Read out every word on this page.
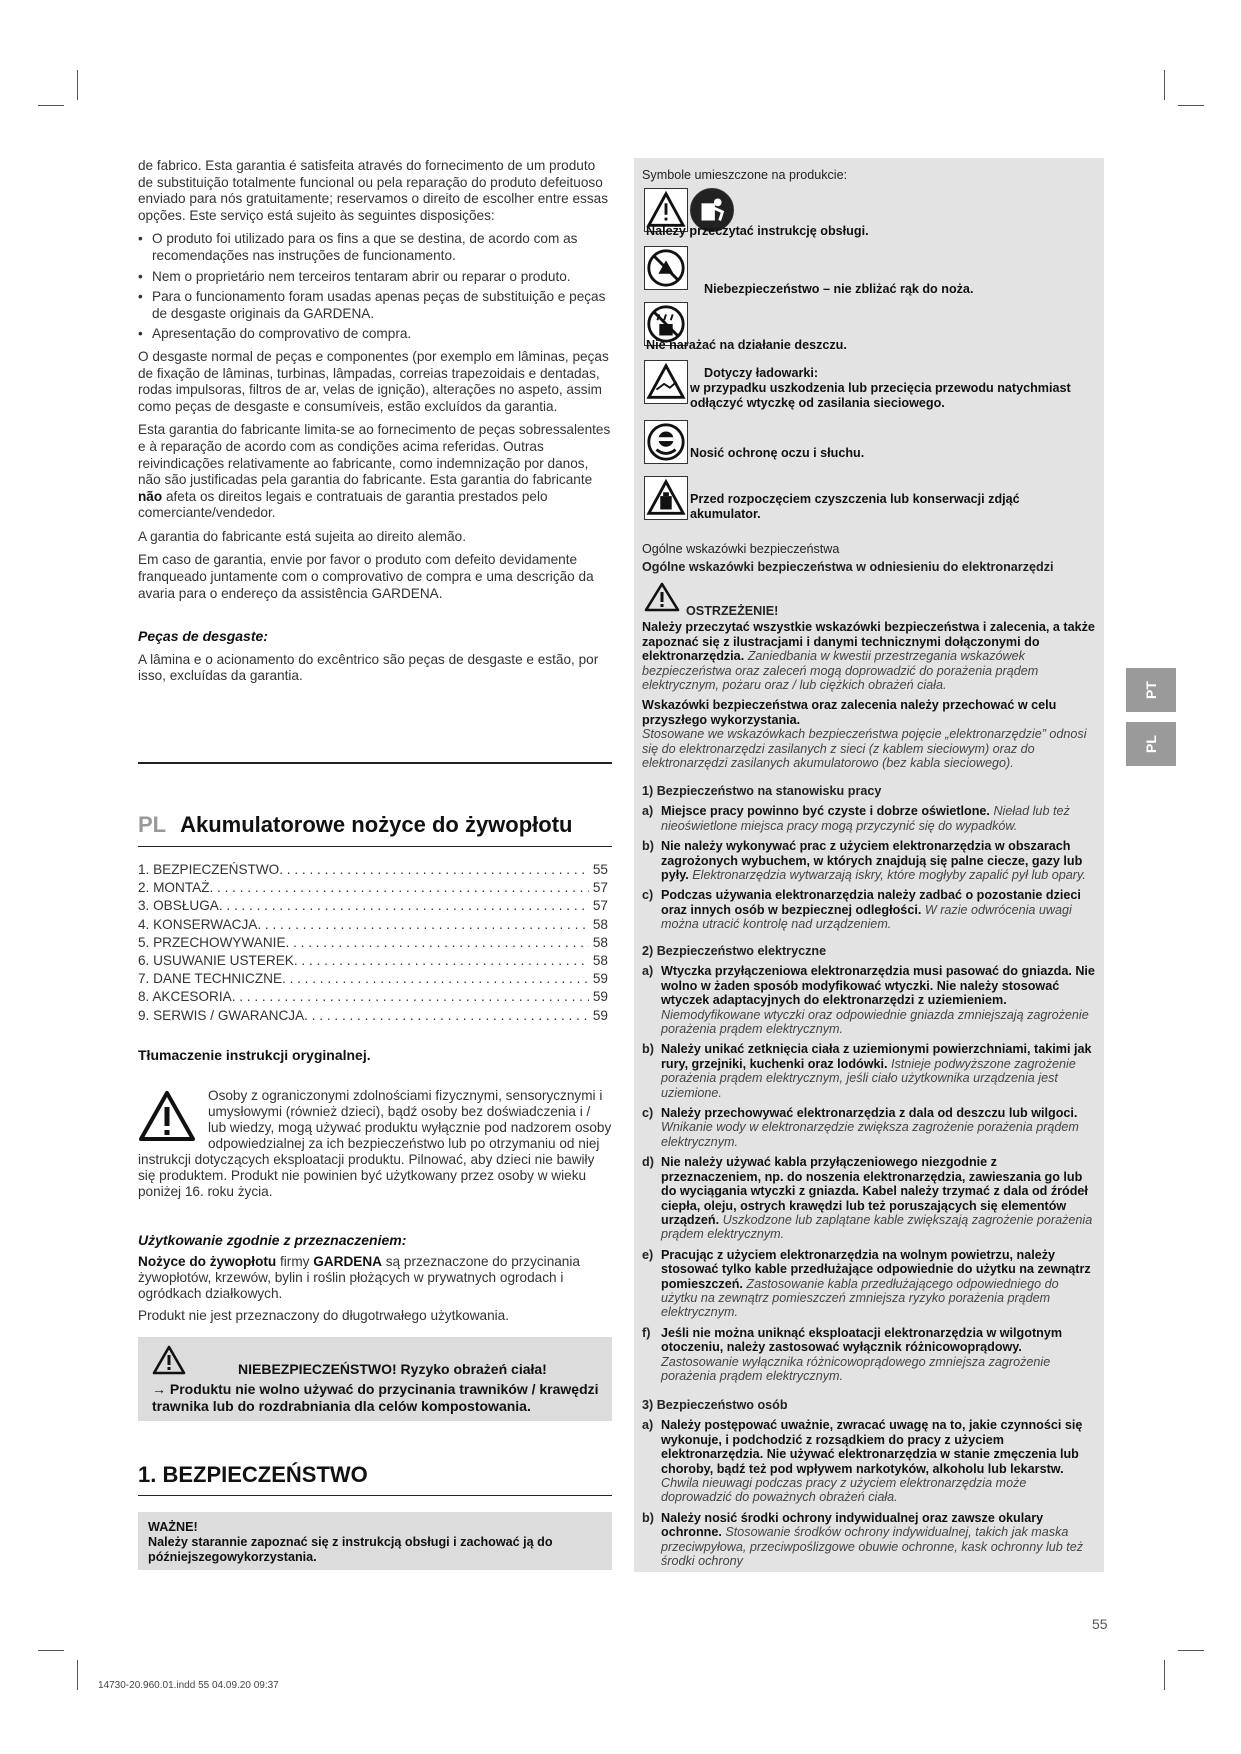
de fabrico. Esta garantia é satisfeita através do fornecimento de um produto de substituição totalmente funcional ou pela reparação do produto defeituoso enviado para nós gratuitamente; reservamos o direito de escolher entre essas opções. Este serviço está sujeito às seguintes disposições:

• O produto foi utilizado para os fins a que se destina, de acordo com as recomendações nas instruções de funcionamento.
• Nem o proprietário nem terceiros tentaram abrir ou reparar o produto.
• Para o funcionamento foram usadas apenas peças de substituição e peças de desgaste originais da GARDENA.
• Apresentação do comprovativo de compra.

O desgaste normal de peças e componentes (por exemplo em lâminas, peças de fixação de lâminas, turbinas, lâmpadas, correias trapezoidais e dentadas, rodas impulsoras, filtros de ar, velas de ignição), alterações no aspeto, assim como peças de desgaste e consumíveis, estão excluídos da garantia.

Esta garantia do fabricante limita-se ao fornecimento de peças sobressalentes e à reparação de acordo com as condições acima referidas. Outras reivindicações relativamente ao fabricante, como indemnização por danos, não são justificadas pela garantia do fabricante. Esta garantia do fabricante não afeta os direitos legais e contratuais de garantia prestados pelo comerciante/vendedor.

A garantia do fabricante está sujeita ao direito alemão.

Em caso de garantia, envie por favor o produto com defeito devidamente franqueado juntamente com o comprovativo de compra e uma descrição da avaria para o endereço da assistência GARDENA.

Peças de desgaste:

A lâmina e o acionamento do excêntrico são peças de desgaste e estão, por isso, excluídas da garantia.

PL Akumulatorowe nożyce do żywopłotu
1. BEZPIECZEŃSTWO . . .	55
2. MONTAŻ . . .	57
3. OBSŁUGA . . .	57
4. KONSERWACJA . . .	58
5. PRZECHOWYWANIE . . .	58
6. USUWANIE USTEREK . . .	58
7. DANE TECHNICZNE . . .	59
8. AKCESORIA . . .	59
9. SERWIS / GWARANCJA . . .	59
Tłumaczenie instrukcji oryginalnej.
Osoby z ograniczonymi zdolnościami fizycznymi, sensorycznymi i umysłowymi (również dzieci), bądź osoby bez doświadczenia i / lub wiedzy, mogą używać produktu wyłącznie pod nadzorem osoby odpowiedzialnej za ich bezpieczeństwo lub po otrzymaniu od niej instrukcji dotyczących eksploatacji produktu. Pilnować, aby dzieci nie bawiły się produktem. Produkt nie powinien być użytkowany przez osoby w wieku poniżej 16. roku życia.

Użytkowanie zgodnie z przeznaczeniem:

Nożyce do żywopłotu firmy GARDENA są przeznaczone do przycinania żywopłotów, krzewów, bylin i roślin płożących w prywatnych ogrodach i ogródkach działkowych.

Produkt nie jest przeznaczony do długotrwałego użytkowania.

NIEBEZPIECZEŃSTWO! Ryzyko obrażeń ciała!
→ Produktu nie wolno używać do przycinania trawników / krawędzi trawnika lub do rozdrabniania dla celów kompostowania.
1. BEZPIECZEŃSTWO
WAŻNE!
Należy starannie zapoznać się z instrukcją obsługi i zachować ją do późniejszegowykorzystania.
Symbole umieszczone na produkcie:
Należy przeczytać instrukcję obsługi.
Niebezpieczeństwo – nie zbliżać rąk do noża.
Nie narażać na działanie deszczu.
Dotyczy ładowarki:
w przypadku uszkodzenia lub przecięcia przewodu natychmiast odłączyć wtyczkę od zasilania sieciowego.
Nosić ochronę oczu i słuchu.
Przed rozpoczęciem czyszczenia lub konserwacji zdjąć akumulator.
Ogólne wskazówki bezpieczeństwa
Ogólne wskazówki bezpieczeństwa w odniesieniu do elektronarzędzi
OSTRZEŻENIE!
Należy przeczytać wszystkie wskazówki bezpieczeństwa i zalecenia, a także zapoznać się z ilustracjami i danymi technicznymi dołączonymi do elektronarzędzia. Zaniedbania w kwestii przestrzegania wskazówek bezpieczeństwa oraz zaleceń mogą doprowadzić do porażenia prądem elektrycznym, pożaru oraz / lub ciężkich obrażeń ciała.
Wskazówki bezpieczeństwa oraz zalecenia należy przechować w celu przyszłego wykorzystania.
Stosowane we wskazówkach bezpieczeństwa pojęcie „elektronarzędzie” odnosi się do elektronarzędzi zasilanych z sieci (z kablem sieciowym) oraz do elektronarzędzi zasilanych akumulatorowo (bez kabla sieciowego).
1) Bezpieczeństwo na stanowisku pracy
a) Miejsce pracy powinno być czyste i dobrze oświetlone. Nieład lub też nieoświetlone miejsca pracy mogą przyczynić się do wypadków.
b) Nie należy wykonywać prac z użyciem elektronarzędzia w obszarach zagrożonych wybuchem, w których znajdują się palne ciecze, gazy lub pyły. Elektronarzędzia wytwarzają iskry, które mogłyby zapalić pył lub opary.
c) Podczas używania elektronarzędzia należy zadbać o pozostanie dzieci oraz innych osób w bezpiecznej odległości. W razie odwrócenia uwagi można utracić kontrolę nad urządzeniem.
2) Bezpieczeństwo elektryczne
a) Wtyczka przyłączeniowa elektronarzędzia musi pasować do gniazda. Nie wolno w żaden sposób modyfikować wtyczki. Nie należy stosować wtyczek adaptacyjnych do elektronarzędzi z uziemieniem. Niemodyfikowane wtyczki oraz odpowiednie gniazda zmniejszają zagrożenie porażenia prądem elektrycznym.
b) Należy unikać zetknięcia ciała z uziemionymi powierzchniami, takimi jak rury, grzejniki, kuchenki oraz lodówki. Istnieje podwyższone zagrożenie porażenia prądem elektrycznym, jeśli ciało użytkownika urządzenia jest uziemione.
c) Należy przechowywać elektronarzędzia z dala od deszczu lub wilgoci. Wnikanie wody w elektronarzędzie zwiększa zagrożenie porażenia prądem elektrycznym.
d) Nie należy używać kabla przyłączeniowego niezgodnie z przeznaczeniem, np. do noszenia elektronarzędzia, zawieszania go lub do wyciągania wtyczki z gniazda. Kabel należy trzymać z dala od źródeł ciepła, oleju, ostrych krawędzi lub też poruszających się elementów urządzeń. Uszkodzone lub zaplątane kable zwiększają zagrożenie porażenia prądem elektrycznym.
e) Pracując z użyciem elektronarzędzia na wolnym powietrzu, należy stosować tylko kable przedłużające odpowiednie do użytku na zewnątrz pomieszczeń. Zastosowanie kabla przedłużającego odpowiedniego do użytku na zewnątrz pomieszczeń zmniejsza ryzyko porażenia prądem elektrycznym.
f) Jeśli nie można uniknąć eksploatacji elektronarzędzia w wilgotnym otoczeniu, należy zastosować wyłącznik różnicowoprądowy. Zastosowanie wyłącznika różnicowoprądowego zmniejsza zagrożenie porażenia prądem elektrycznym.
3) Bezpieczeństwo osób
a) Należy postępować uważnie, zwracać uwagę na to, jakie czynności się wykonuje, i podchodzić z rozsądkiem do pracy z użyciem elektronarzędzia. Nie używać elektronarzędzia w stanie zmęczenia lub choroby, bądź też pod wpływem narkotyków, alkoholu lub lekarstw. Chwila nieuwagi podczas pracy z użyciem elektronarzędzia może doprowadzić do poważnych obrażeń ciała.
b) Należy nosić środki ochrony indywidualnej oraz zawsze okulary ochronne. Stosowanie środków ochrony indywidualnej, takich jak maska przeciwpyłowa, przeciwpoślizgowe obuwie ochronne, kask ochronny lub też środki ochrony
PT
PL
55
14730-20.960.01.indd 55 04.09.20 09:37
